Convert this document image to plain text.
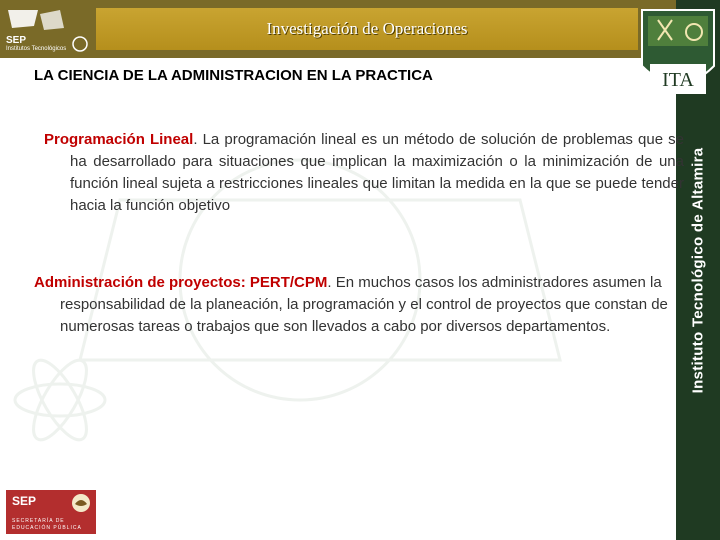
Investigación de Operaciones
SEP
Institutos Tecnológicos
Instituto Tecnológico de Altamira
ITA
LA CIENCIA DE LA ADMINISTRACION EN LA PRACTICA
Programación Lineal. La programación lineal es un método de solución de problemas que se ha desarrollado para situaciones que implican la maximización o la minimización de una función lineal sujeta a restricciones lineales que limitan la medida en la que se puede tender hacia la función objetivo
Administración de proyectos: PERT/CPM. En muchos casos los administradores asumen la responsabilidad de la planeación, la programación y el control de proyectos que constan de numerosas tareas o trabajos que son llevados a cabo por diversos departamentos.
SEP
SECRETARÍA DE
EDUCACIÓN PÚBLICA
